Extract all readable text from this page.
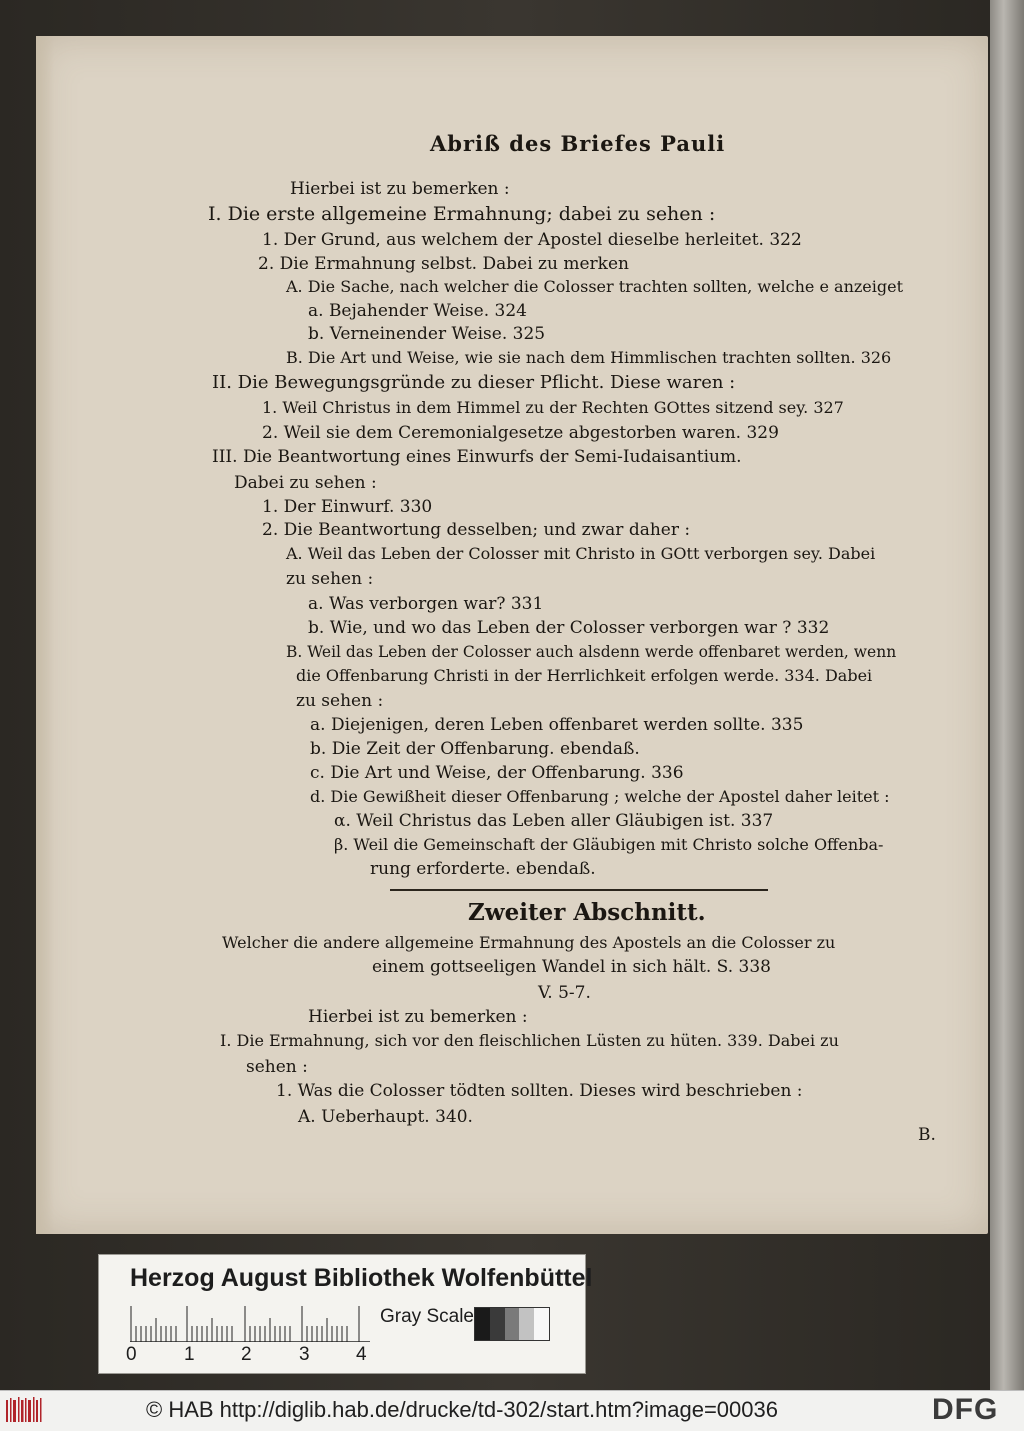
Abriß des Briefes Pauli
Hierbei ist zu bemerken :
I. Die erste allgemeine Ermahnung; dabei zu sehen :
1. Der Grund, aus welchem der Apostel dieselbe herleitet. 322
2. Die Ermahnung selbst. Dabei zu merken
A. Die Sache, nach welcher die Colosser trachten sollten, welche e anzeiget
a. Bejahender Weise. 324
b. Verneinender Weise. 325
B. Die Art und Weise, wie sie nach dem Himmlischen trachten sollten. 326
II. Die Bewegungsgründe zu dieser Pflicht. Diese waren :
1. Weil Christus in dem Himmel zu der Rechten GOttes sitzend sey. 327
2. Weil sie dem Ceremonialgesetze abgestorben waren. 329
III. Die Beantwortung eines Einwurfs der Semi-Iudaisantium.
Dabei zu sehen :
1. Der Einwurf. 330
2. Die Beantwortung desselben; und zwar daher :
A. Weil das Leben der Colosser mit Christo in GOtt verborgen sey. Dabei
zu sehen :
a. Was verborgen war? 331
b. Wie, und wo das Leben der Colosser verborgen war ? 332
B. Weil das Leben der Colosser auch alsdenn werde offenbaret werden, wenn
die Offenbarung Christi in der Herrlichkeit erfolgen werde. 334. Dabei
zu sehen :
a. Diejenigen, deren Leben offenbaret werden sollte. 335
b. Die Zeit der Offenbarung. ebendaß.
c. Die Art und Weise, der Offenbarung. 336
d. Die Gewißheit dieser Offenbarung ; welche der Apostel daher leitet :
α. Weil Christus das Leben aller Gläubigen ist. 337
β. Weil die Gemeinschaft der Gläubigen mit Christo solche Offenba-
rung erforderte. ebendaß.
Zweiter Abschnitt.
Welcher die andere allgemeine Ermahnung des Apostels an die Colosser zu
einem gottseeligen Wandel in sich hält. S. 338
V. 5-7.
Hierbei ist zu bemerken :
I. Die Ermahnung, sich vor den fleischlichen Lüsten zu hüten. 339. Dabei zu
sehen :
1. Was die Colosser tödten sollten. Dieses wird beschrieben :
A. Ueberhaupt. 340.
B.
Herzog August Bibliothek Wolfenbüttel
0 1 2 3 4
Gray Scale
© HAB http://diglib.hab.de/drucke/td-302/start.htm?image=00036	DFG
